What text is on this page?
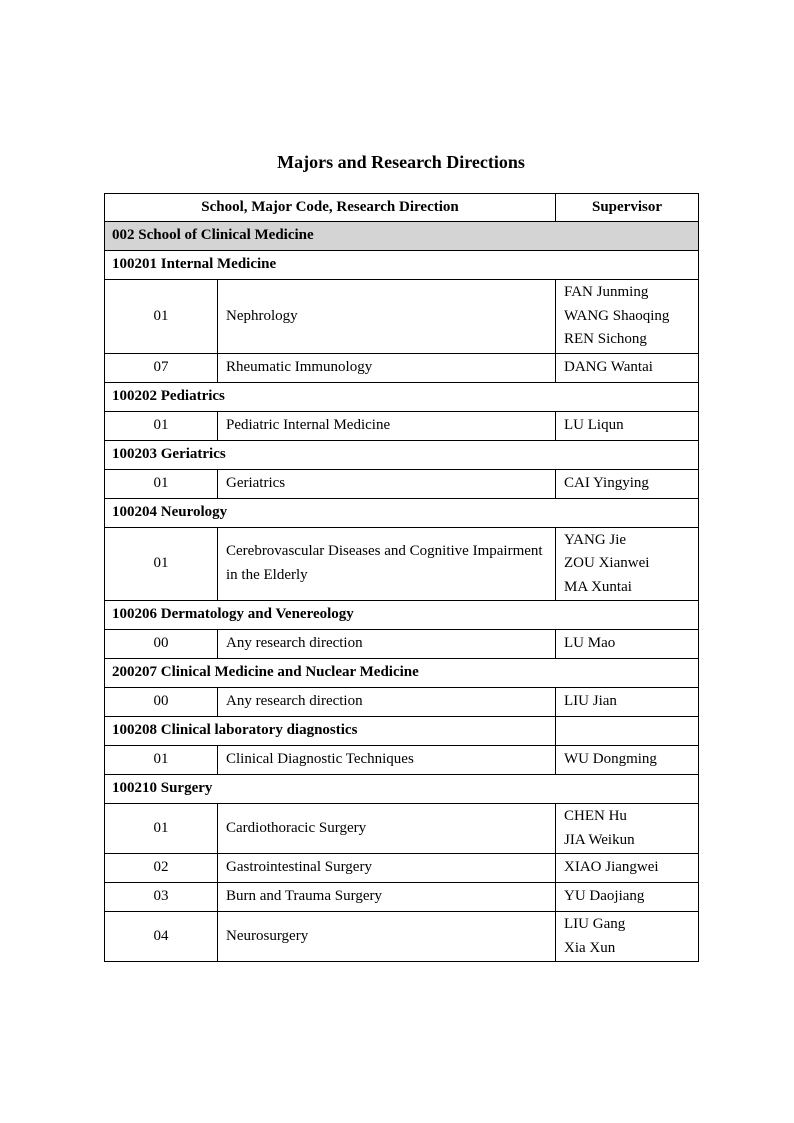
Majors and Research Directions
School, Major Code, Research Direction		Supervisor
002 School of Clinical Medicine		
100201 Internal Medicine		
01	Nephrology	FAN Junming
WANG Shaoqing
REN Sichong

07	Rheumatic Immunology	DANG Wantai

100202 Pediatrics		
01	Pediatric Internal Medicine	LU Liqun

100203 Geriatrics		
01	Geriatrics	CAI Yingying

100204 Neurology		
01	Cerebrovascular Diseases and Cognitive Impairment in the Elderly	YANG Jie
ZOU Xianwei
MA Xuntai

100206 Dermatology and Venereology		
00	Any research direction	LU Mao

200207 Clinical Medicine and Nuclear Medicine		
00	Any research direction	LIU Jian

100208 Clinical laboratory diagnostics		
01	Clinical Diagnostic Techniques	WU Dongming

100210 Surgery		
01	Cardiothoracic Surgery	CHEN Hu
JIA Weikun

02	Gastrointestinal Surgery	XIAO Jiangwei

03	Burn and Trauma Surgery	YU Daojiang

04	Neurosurgery	LIU Gang
Xia Xun
